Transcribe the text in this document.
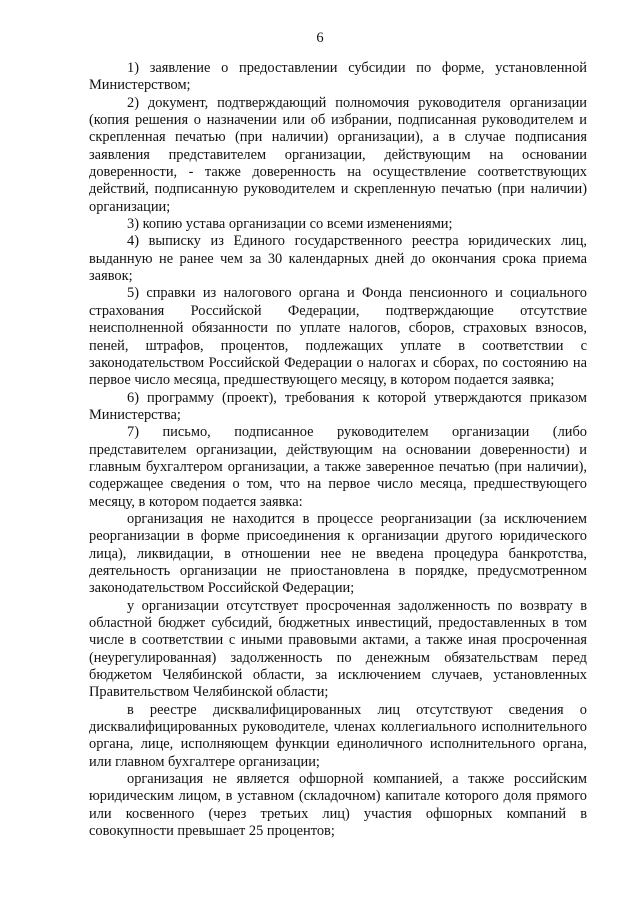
6

1) заявление о предоставлении субсидии по форме, установленной Министерством;

2) документ, подтверждающий полномочия руководителя организации (копия решения о назначении или об избрании, подписанная руководителем и скрепленная печатью (при наличии) организации), а в случае подписания заявления представителем организации, действующим на основании доверенности, - также доверенность на осуществление соответствующих действий, подписанную руководителем и скрепленную печатью (при наличии) организации;

3) копию устава организации со всеми изменениями;

4) выписку из Единого государственного реестра юридических лиц, выданную не ранее чем за 30 календарных дней до окончания срока приема заявок;

5) справки из налогового органа и Фонда пенсионного и социального страхования Российской Федерации, подтверждающие отсутствие неисполненной обязанности по уплате налогов, сборов, страховых взносов, пеней, штрафов, процентов, подлежащих уплате в соответствии с законодательством Российской Федерации о налогах и сборах, по состоянию на первое число месяца, предшествующего месяцу, в котором подается заявка;

6) программу (проект), требования к которой утверждаются приказом Министерства;

7) письмо, подписанное руководителем организации (либо представителем организации, действующим на основании доверенности) и главным бухгалтером организации, а также заверенное печатью (при наличии), содержащее сведения о том, что на первое число месяца, предшествующего месяцу, в котором подается заявка:

организация не находится в процессе реорганизации (за исключением реорганизации в форме присоединения к организации другого юридического лица), ликвидации, в отношении нее не введена процедура банкротства, деятельность организации не приостановлена в порядке, предусмотренном законодательством Российской Федерации;

у организации отсутствует просроченная задолженность по возврату в областной бюджет субсидий, бюджетных инвестиций, предоставленных в том числе в соответствии с иными правовыми актами, а также иная просроченная (неурегулированная) задолженность по денежным обязательствам перед бюджетом Челябинской области, за исключением случаев, установленных Правительством Челябинской области;

в реестре дисквалифицированных лиц отсутствуют сведения о дисквалифицированных руководителе, членах коллегиального исполнительного органа, лице, исполняющем функции единоличного исполнительного органа, или главном бухгалтере организации;

организация не является офшорной компанией, а также российским юридическим лицом, в уставном (складочном) капитале которого доля прямого или косвенного (через третьих лиц) участия офшорных компаний в совокупности превышает 25 процентов;
